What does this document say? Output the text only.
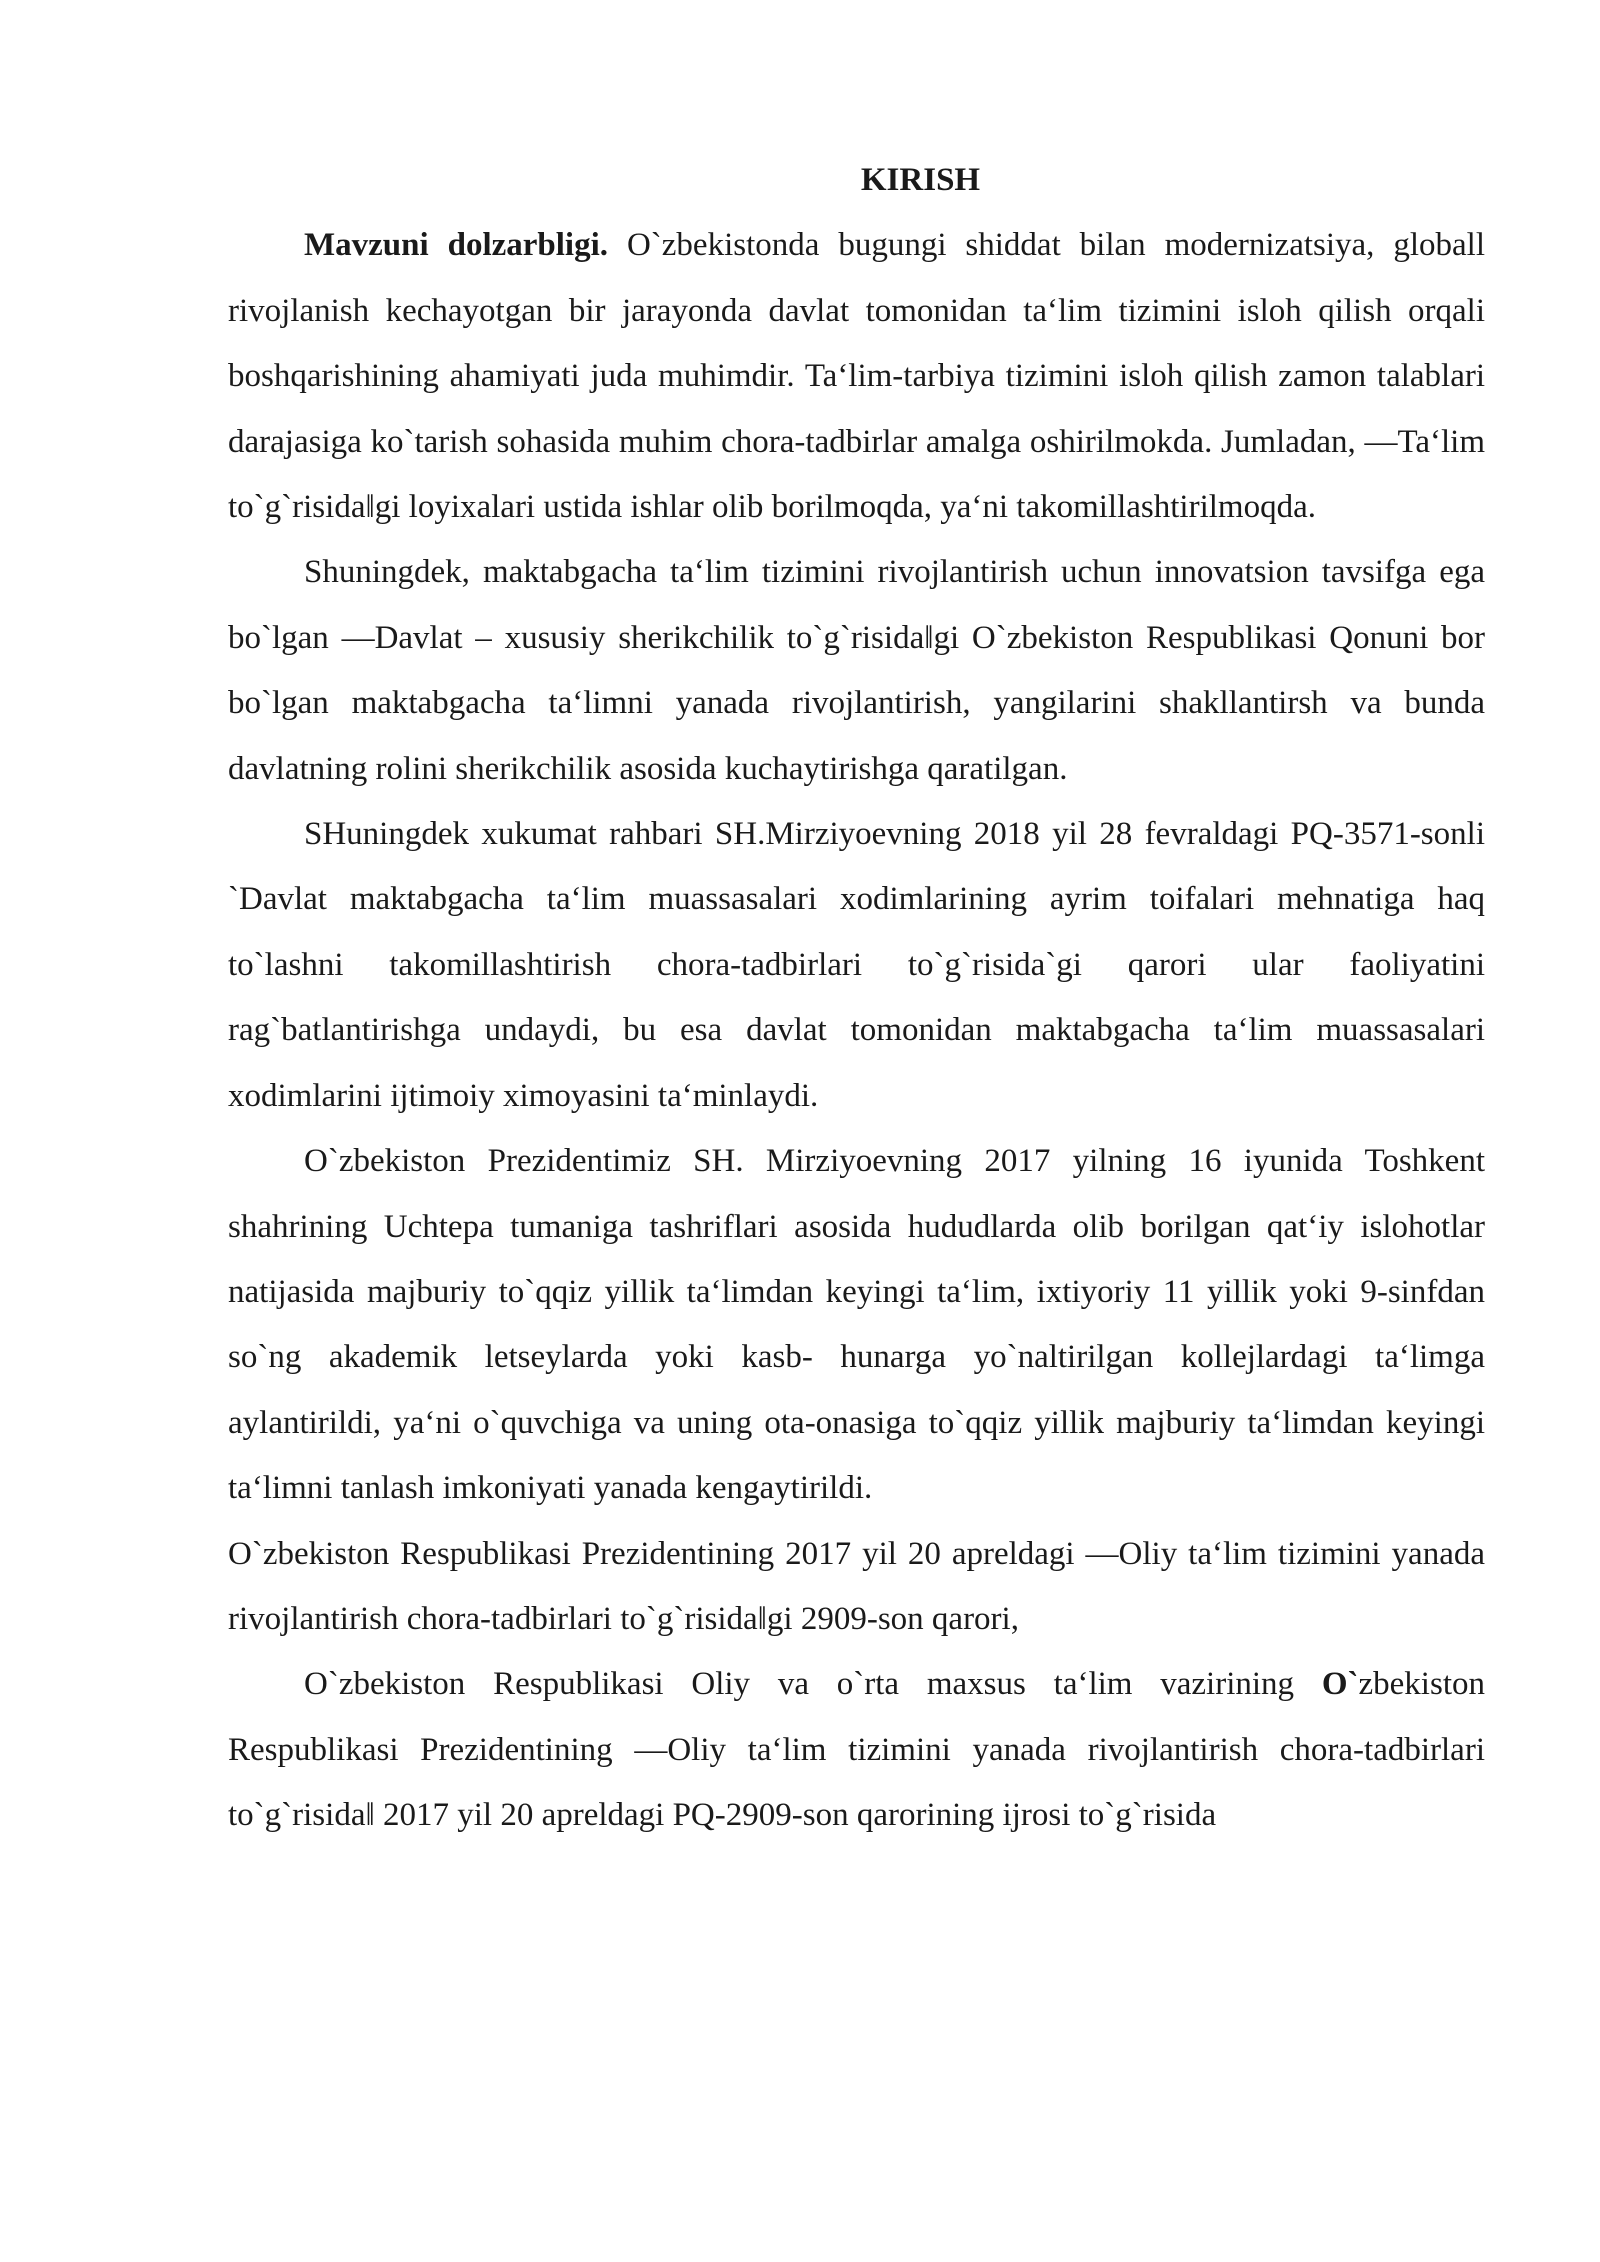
KIRISH

Mavzuni dolzarbligi. O`zbekistonda bugungi shiddat bilan modernizatsiya, globall rivojlanish kechayotgan bir jarayonda davlat tomonidan ta‘lim tizimini isloh qilish orqali boshqarishining ahamiyati juda muhimdir. Ta‘lim-tarbiya tizimini isloh qilish zamon talablari darajasiga ko`tarish sohasida muhim chora-tadbirlar amalga oshirilmokda. Jumladan, ―Ta‘lim to`g`risida‖gi loyixalari ustida ishlar olib borilmoqda, ya‘ni takomillashtirilmoqda.

Shuningdek, maktabgacha ta‘lim tizimini rivojlantirish uchun innovatsion tavsifga ega bo`lgan ―Davlat – xususiy sherikchilik to`g`risida‖gi O`zbekiston Respublikasi Qonuni bor bo`lgan maktabgacha ta‘limni yanada rivojlantirish, yangilarini shakllantirsh va bunda davlatning rolini sherikchilik asosida kuchaytirishga qaratilgan.

SHuningdek xukumat rahbari SH.Mirziyoevning 2018 yil 28 fevraldagi PQ-3571-sonli `Davlat maktabgacha ta‘lim muassasalari xodimlarining ayrim toifalari mehnatiga haq to`lashni takomillashtirish chora-tadbirlari to`g`risida`gi qarori ular faoliyatini rag`batlantirishga undaydi, bu esa davlat tomonidan maktabgacha ta‘lim muassasalari xodimlarini ijtimoiy ximoyasini ta‘minlaydi.

O`zbekiston Prezidentimiz SH. Mirziyoevning 2017 yilning 16 iyunida Toshkent shahrining Uchtepa tumaniga tashriflari asosida hududlarda olib borilgan qat‘iy islohotlar natijasida majburiy to`qqiz yillik ta‘limdan keyingi ta‘lim, ixtiyoriy 11 yillik yoki 9-sinfdan so`ng akademik letseylarda yoki kasb- hunarga yo`naltirilgan kollejlardagi ta‘limga aylantirildi, ya‘ni o`quvchiga va uning ota-onasiga to`qqiz yillik majburiy ta‘limdan keyingi ta‘limni tanlash imkoniyati yanada kengaytirildi.

O`zbekiston Respublikasi Prezidentining 2017 yil 20 apreldagi ―Oliy ta‘lim tizimini yanada rivojlantirish chora-tadbirlari to`g`risida‖gi 2909-son qarori,

O`zbekiston Respublikasi Oliy va o`rta maxsus ta‘lim vazirining O`zbekiston Respublikasi Prezidentining ―Oliy ta‘lim tizimini yanada rivojlantirish chora-tadbirlari to`g`risida‖ 2017 yil 20 apreldagi PQ-2909-son qarorining ijrosi to`g`risida
